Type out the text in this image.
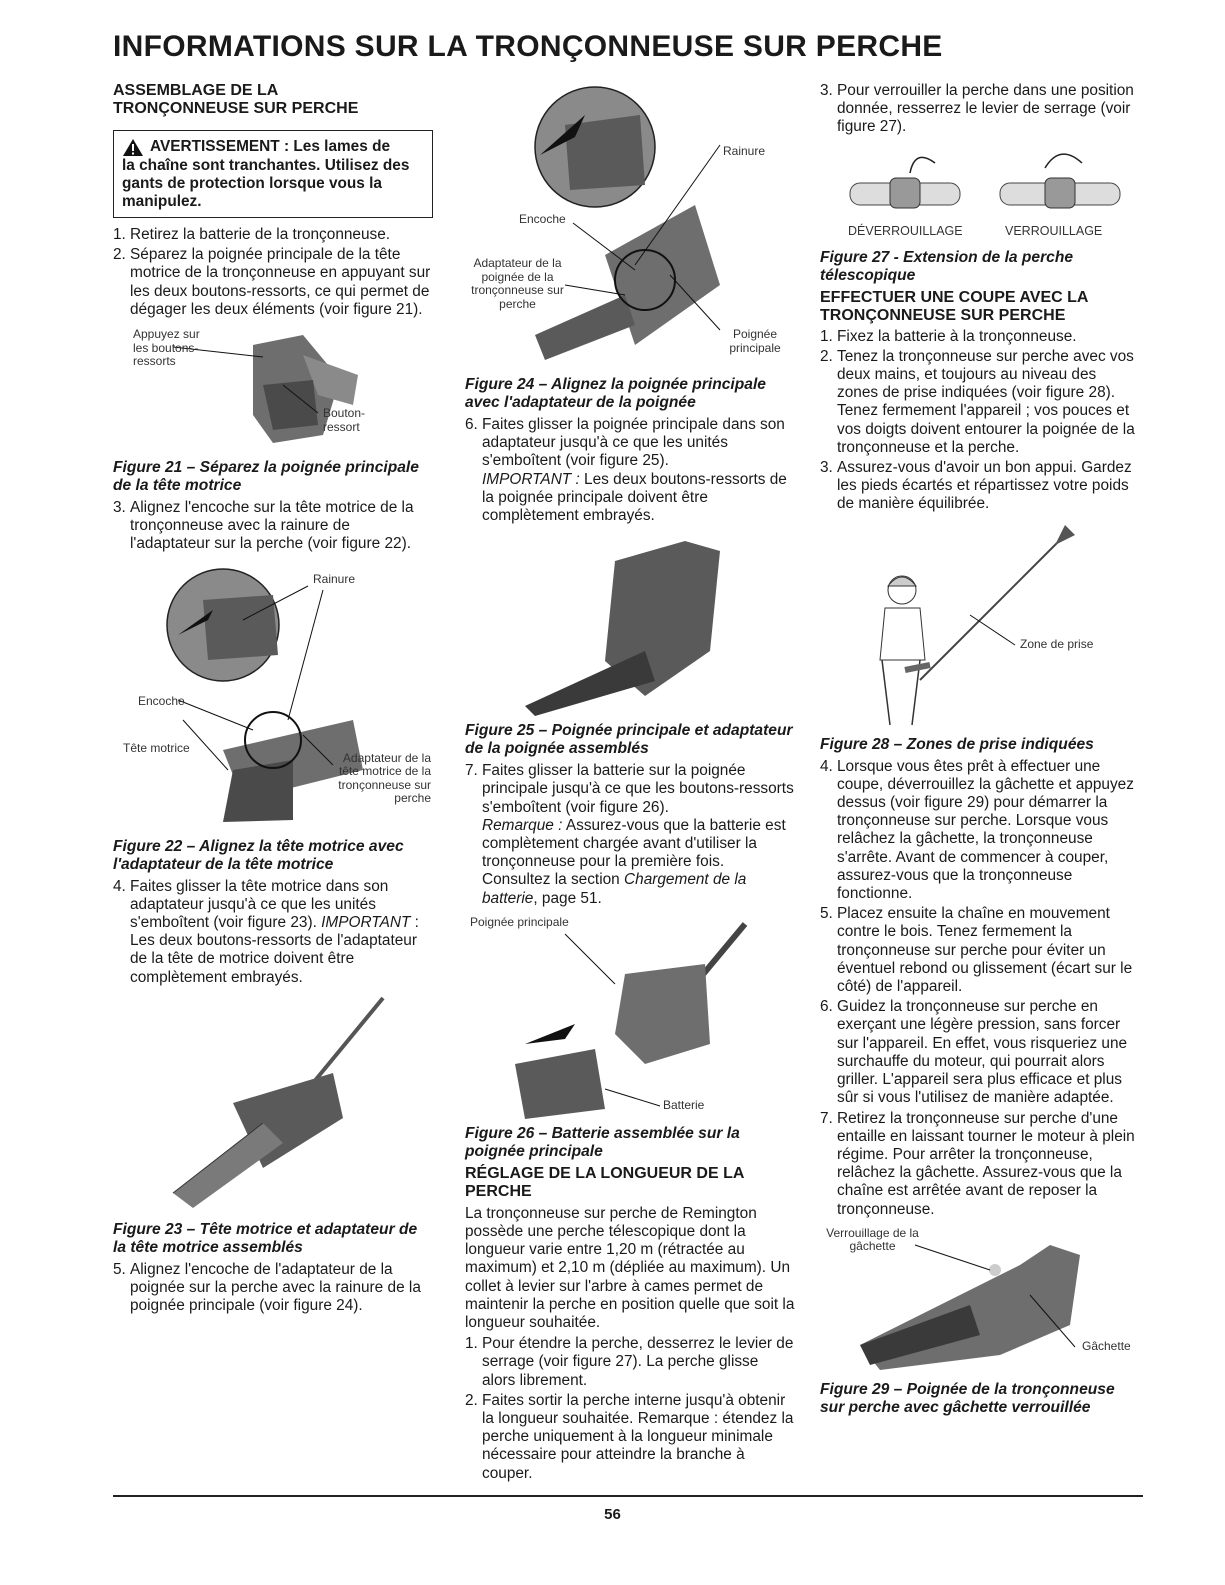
INFORMATIONS SUR LA TRONÇONNEUSE SUR PERCHE
ASSEMBLAGE DE LA
TRONÇONNEUSE SUR PERCHE
AVERTISSEMENT : Les lames de
la chaîne sont tranchantes. Utilisez des gants de protection lorsque vous la manipulez.
1. Retirez la batterie de la tronçonneuse.
2. Séparez la poignée principale de la tête motrice de la tronçonneuse en appuyant sur les deux boutons-ressorts, ce qui permet de dégager les deux éléments (voir figure 21).
Appuyez sur les boutons-ressorts
Bouton-ressort
Figure 21 – Séparez la poignée principale de la tête motrice
3. Alignez l'encoche sur la tête motrice de la tronçonneuse avec la rainure de l'adaptateur sur la perche (voir figure 22).
Rainure
Encoche
Tête motrice
Adaptateur de la tête motrice de la tronçonneuse sur perche
Figure 22 – Alignez la tête motrice avec l'adaptateur de la tête motrice
4. Faites glisser la tête motrice dans son adaptateur jusqu'à ce que les unités s'emboîtent (voir figure 23). IMPORTANT : Les deux boutons-ressorts de l'adaptateur de la tête de motrice doivent être complètement embrayés.
Figure 23 – Tête motrice et adaptateur de la tête motrice assemblés
5. Alignez l'encoche de l'adaptateur de la poignée sur la perche avec la rainure de la poignée principale (voir figure 24).
Rainure
Encoche
Adaptateur de la poignée de la tronçonneuse sur perche
Poignée principale
Figure 24 – Alignez la poignée principale avec l'adaptateur de la poignée
6. Faites glisser la poignée principale dans son adaptateur jusqu'à ce que les unités s'emboîtent (voir figure 25).
IMPORTANT : Les deux boutons-ressorts de la poignée principale doivent être complètement embrayés.
Figure 25 – Poignée principale et adaptateur de la poignée assemblés
7. Faites glisser la batterie sur la poignée principale jusqu'à ce que les boutons-ressorts s'emboîtent (voir figure 26).
Remarque : Assurez-vous que la batterie est complètement chargée avant d'utiliser la tronçonneuse pour la première fois. Consultez la section Chargement de la batterie, page 51.
Poignée principale
Batterie
Figure 26 – Batterie assemblée sur la poignée principale
RÉGLAGE DE LA LONGUEUR DE LA PERCHE

La tronçonneuse sur perche de Remington possède une perche télescopique dont la longueur varie entre 1,20 m (rétractée au maximum) et 2,10 m (dépliée au maximum). Un collet à levier sur l'arbre à cames permet de maintenir la perche en position quelle que soit la longueur souhaitée.

1. Pour étendre la perche, desserrez le levier de serrage (voir figure 27). La perche glisse alors librement.
2. Faites sortir la perche interne jusqu'à obtenir la longueur souhaitée. Remarque : étendez la perche uniquement à la longueur minimale nécessaire pour atteindre la branche à couper.
3. Pour verrouiller la perche dans une position donnée, resserrez le levier de serrage (voir figure 27).
DÉVERROUILLAGE	VERROUILLAGE
Figure 27 - Extension de la perche télescopique
EFFECTUER UNE COUPE AVEC LA TRONÇONNEUSE SUR PERCHE
1. Fixez la batterie à la tronçonneuse.
2. Tenez la tronçonneuse sur perche avec vos deux mains, et toujours au niveau des zones de prise indiquées (voir figure 28). Tenez fermement l'appareil ; vos pouces et vos doigts doivent entourer la poignée de la tronçonneuse et la perche.
3. Assurez-vous d'avoir un bon appui. Gardez les pieds écartés et répartissez votre poids de manière équilibrée.
Zone de prise
Figure 28 – Zones de prise indiquées
4. Lorsque vous êtes prêt à effectuer une coupe, déverrouillez la gâchette et appuyez dessus (voir figure 29) pour démarrer la tronçonneuse sur perche. Lorsque vous relâchez la gâchette, la tronçonneuse s'arrête. Avant de commencer à couper, assurez-vous que la tronçonneuse fonctionne.
5. Placez ensuite la chaîne en mouvement contre le bois. Tenez fermement la tronçonneuse sur perche pour éviter un éventuel rebond ou glissement (écart sur le côté) de l'appareil.
6. Guidez la tronçonneuse sur perche en exerçant une légère pression, sans forcer sur l'appareil. En effet, vous risqueriez une surchauffe du moteur, qui pourrait alors griller. L'appareil sera plus efficace et plus sûr si vous l'utilisez de manière adaptée.
7. Retirez la tronçonneuse sur perche d'une entaille en laissant tourner le moteur à plein régime. Pour arrêter la tronçonneuse, relâchez la gâchette. Assurez-vous que la chaîne est arrêtée avant de reposer la tronçonneuse.
Verrouillage de la gâchette
Gâchette
Figure 29 – Poignée de la tronçonneuse sur perche avec gâchette verrouillée
56
